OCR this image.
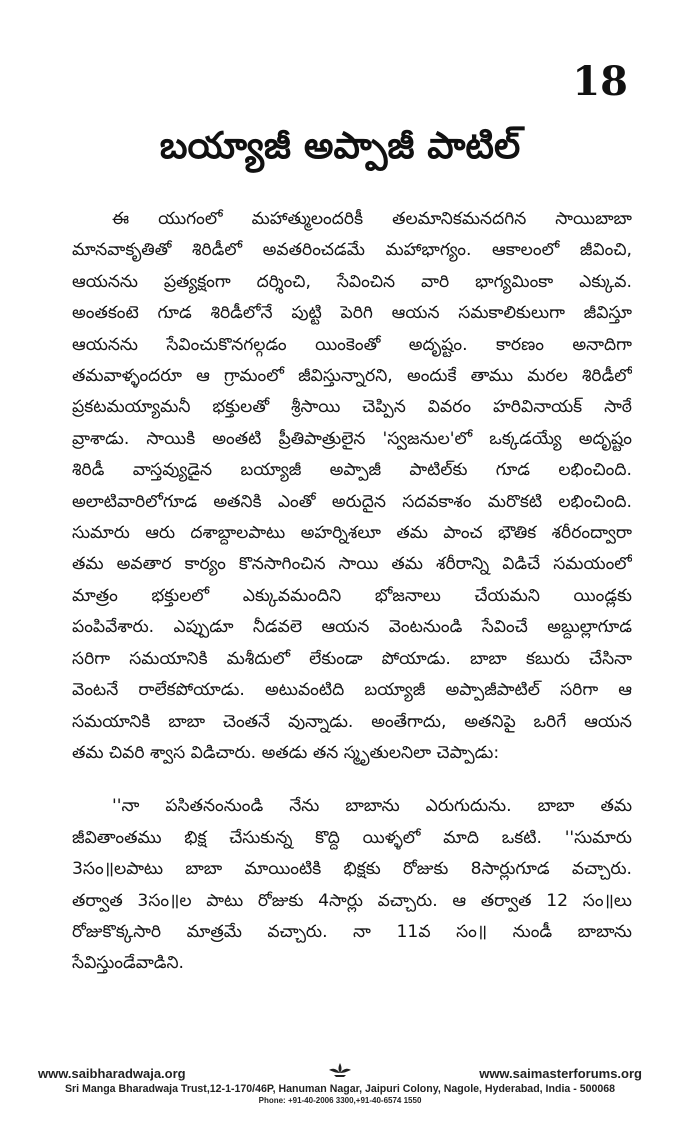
18
బయ్యాజీ అప్పాజీ పాటిల్
ఈ యుగంలో మహాత్ములందరికీ తలమానికమనదగిన సాయిబాబా
మానవాకృతితో శిరిడీలో అవతరించడమే మహాభాగ్యం. ఆకాలంలో జీవించి,
ఆయనను ప్రత్యక్షంగా దర్శించి, సేవించిన వారి భాగ్యమింకా ఎక్కువ.
అంతకంటె గూడ శిరిడీలోనే పుట్టి పెరిగి ఆయన సమకాలికులుగా జీవిస్తూ
ఆయనను సేవించుకొనగల్గడం యింకెంతో అదృష్టం. కారణం అనాదిగా
తమవాళ్ళందరూ ఆ గ్రామంలో జీవిస్తున్నారని, అందుకే తాము మరల శిరిడీలో
ప్రకటమయ్యామనీ భక్తులతో శ్రీసాయి చెప్పిన వివరం హరివినాయక్ సాఠే
వ్రాశాడు. సాయికి అంతటి ప్రీతిపాత్రులైన 'స్వజనుల'లో ఒక్కడయ్యే అదృష్టం
శిరిడీ వాస్తవ్యుడైన బయ్యాజీ అప్పాజీ పాటిల్‌కు గూడ లభించింది.
అలాటివారిలోగూడ అతనికి ఎంతో అరుదైన సదవకాశం మరొకటి లభించింది.
సుమారు ఆరు దశాబ్దాలపాటు అహర్నిశలూ తమ పాంచ భౌతిక శరీరంద్వారా
తమ అవతార కార్యం కొనసాగించిన సాయి తమ శరీరాన్ని విడిచే సమయంలో
మాత్రం భక్తులలో ఎక్కువమందిని భోజనాలు చేయమని యిండ్లకు
పంపివేశారు. ఎప్పుడూ నీడవలె ఆయన వెంటనుండి సేవించే అబ్దుల్లాగూడ
సరిగా సమయానికి మశీదులో లేకుండా పోయాడు. బాబా కబురు చేసినా
వెంటనే రాలేకపోయాడు. అటువంటిది బయ్యాజీ అప్పాజీపాటిల్ సరిగా ఆ
సమయానికి బాబా చెంతనే వున్నాడు. అంతేగాదు, అతనిపై ఒరిగే ఆయన
తమ చివరి శ్వాస విడిచారు. అతడు తన స్మృతులనిలా చెప్పాడు:
''నా పసితనంనుండి నేను బాబాను ఎరుగుదును. బాబా తమ
జీవితాంతము భిక్ష చేసుకున్న కొద్ది యిళ్ళలో మాది ఒకటి. ''సుమారు
3సం॥లపాటు బాబా మాయింటికి భిక్షకు రోజుకు 8సార్లుగూడ వచ్చారు.
తర్వాత 3సం॥ల పాటు రోజుకు 4సార్లు వచ్చారు. ఆ తర్వాత 12 సం॥లు
రోజుకొక్కసారి మాత్రమే వచ్చారు. నా 11వ సం॥ నుండీ బాబాను
సేవిస్తుండేవాడిని.
www.saibharadwaja.org	www.saimasterforums.org
Sri Manga Bharadwaja Trust,12-1-170/46P, Hanuman Nagar, Jaipuri Colony, Nagole, Hyderabad, India - 500068
Phone: +91-40-2006 3300,+91-40-6574 1550
